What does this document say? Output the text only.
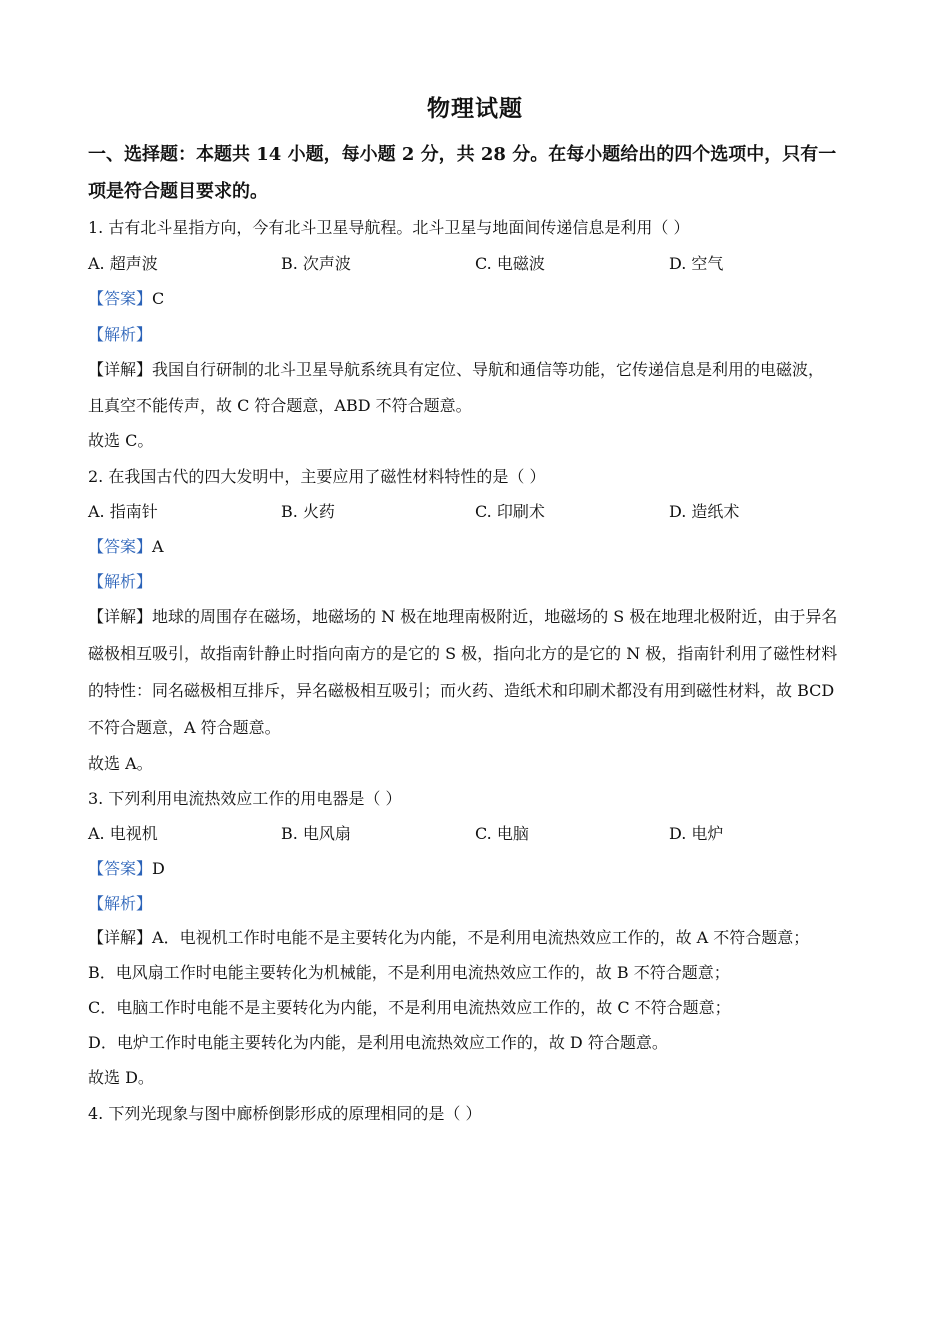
物理试题
一、选择题：本题共 14 小题，每小题 2 分，共 28 分。在每小题给出的四个选项中，只有一
项是符合题目要求的。
1. 古有北斗星指方向，今有北斗卫星导航程。北斗卫星与地面间传递信息是利用（ ）
A. 超声波	B. 次声波	C. 电磁波	D. 空气
【答案】C
【解析】
【详解】我国自行研制的北斗卫星导航系统具有定位、导航和通信等功能，它传递信息是利用的电磁波，
且真空不能传声，故 C 符合题意，ABD 不符合题意。
故选 C。
2. 在我国古代的四大发明中，主要应用了磁性材料特性的是（ ）
A. 指南针	B. 火药	C. 印刷术	D. 造纸术
【答案】A
【解析】
【详解】地球的周围存在磁场，地磁场的 N 极在地理南极附近，地磁场的 S 极在地理北极附近，由于异名
磁极相互吸引，故指南针静止时指向南方的是它的 S 极，指向北方的是它的 N 极，指南针利用了磁性材料
的特性：同名磁极相互排斥，异名磁极相互吸引；而火药、造纸术和印刷术都没有用到磁性材料，故 BCD
不符合题意，A 符合题意。
故选 A。
3. 下列利用电流热效应工作的用电器是（ ）
A. 电视机	B. 电风扇	C. 电脑	D. 电炉
【答案】D
【解析】
【详解】A．电视机工作时电能不是主要转化为内能，不是利用电流热效应工作的，故 A 不符合题意；
B．电风扇工作时电能主要转化为机械能，不是利用电流热效应工作的，故 B 不符合题意；
C．电脑工作时电能不是主要转化为内能，不是利用电流热效应工作的，故 C 不符合题意；
D．电炉工作时电能主要转化为内能，是利用电流热效应工作的，故 D 符合题意。
故选 D。
4. 下列光现象与图中廊桥倒影形成的原理相同的是（ ）
